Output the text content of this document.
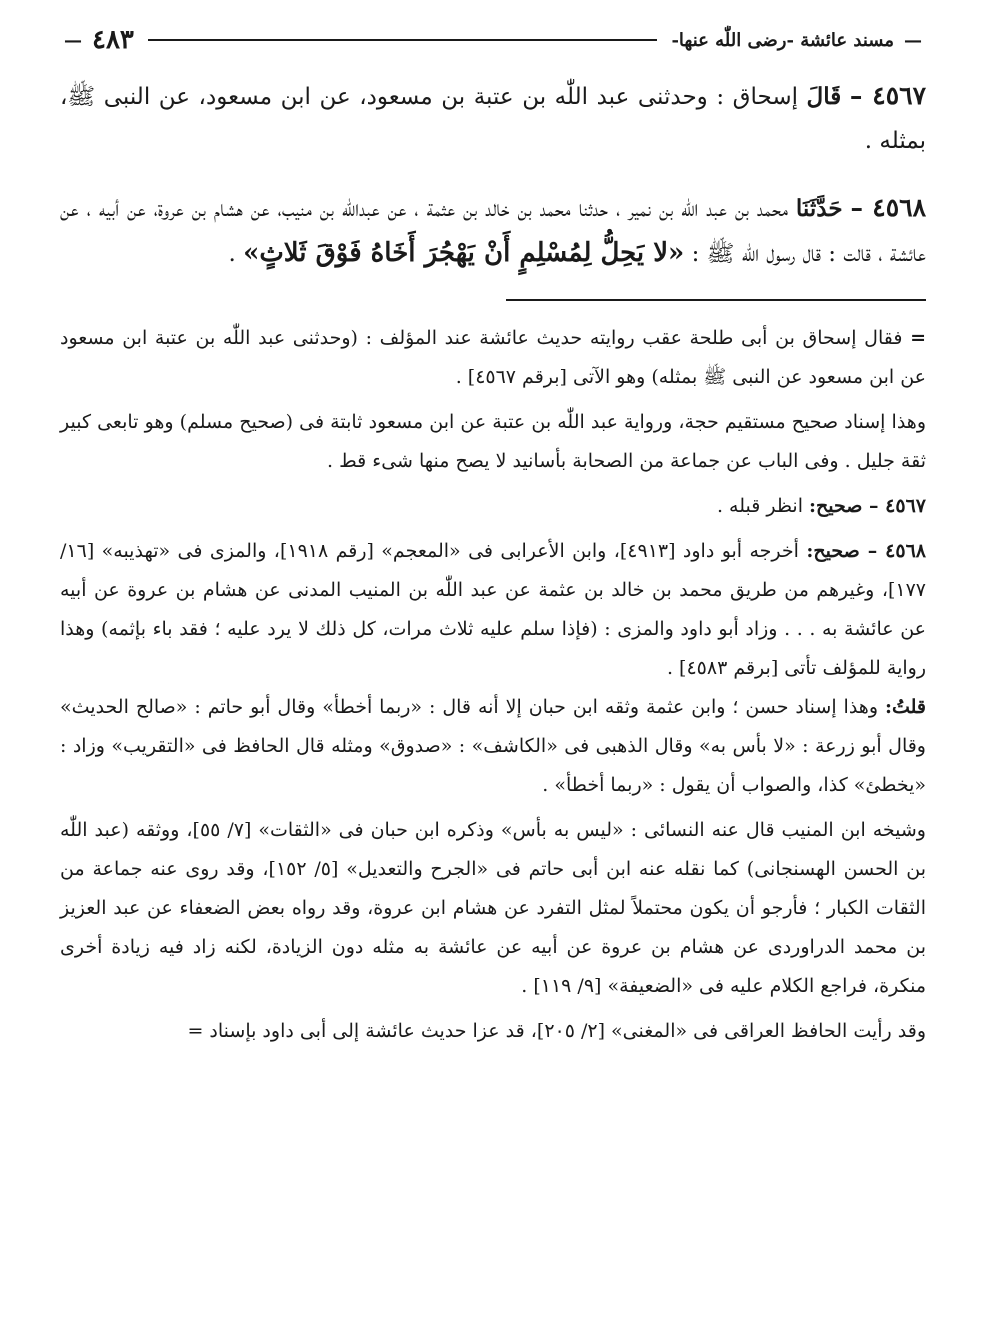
—
مسند عائشة -رضى اللّٰه عنها-
٤٨٣
—

٤٥٦٧ – قَالَ إسحاق : وحدثنى عبد اللّٰه بن عتبة بن مسعود، عن ابن مسعود، عن النبى ﷺ، بمثله .

٤٥٦٨ – حَدَّثَنَا محمد بن عبد اللّٰه بن نمير ، حدثنا محمد بن خالد بن عثمة ، عن عبداللّٰه بن منيب، عن هشام بن عروة، عن أبيه ، عن عائشة ، قالت : قال رسول اللّٰه ﷺ : «لا يَحِلُّ لِمُسْلِمٍ أَنْ يَهْجُرَ أَخَاهُ فَوْقَ ثَلاثٍ» .

= فقال إسحاق بن أبى طلحة عقب روايته حديث عائشة عند المؤلف : (وحدثنى عبد اللّٰه بن عتبة ابن مسعود عن ابن مسعود عن النبى ﷺ بمثله) وهو الآتى [برقم ٤٥٦٧] .

وهذا إسناد صحيح مستقيم حجة، ورواية عبد اللّٰه بن عتبة عن ابن مسعود ثابتة فى (صحيح مسلم) وهو تابعى كبير ثقة جليل . وفى الباب عن جماعة من الصحابة بأسانيد لا يصح منها شىء قط .

٤٥٦٧ – صحيح: انظر قبله .

٤٥٦٨ – صحيح: أخرجه أبو داود [٤٩١٣]، وابن الأعرابى فى «المعجم» [رقم ١٩١٨]، والمزى فى «تهذيبه» [١٦/ ١٧٧]، وغيرهم من طريق محمد بن خالد بن عثمة عن عبد اللّٰه بن المنيب المدنى عن هشام بن عروة عن أبيه عن عائشة به . . . وزاد أبو داود والمزى : (فإذا سلم عليه ثلاث مرات، كل ذلك لا يرد عليه ؛ فقد باء بإثمه) وهذا رواية للمؤلف تأتى [برقم ٤٥٨٣] .

قلتُ: وهذا إسناد حسن ؛ وابن عثمة وثقه ابن حبان إلا أنه قال : «ربما أخطأ» وقال أبو حاتم : «صالح الحديث» وقال أبو زرعة : «لا بأس به» وقال الذهبى فى «الكاشف» : «صدوق» ومثله قال الحافظ فى «التقريب» وزاد : «يخطئ» كذا، والصواب أن يقول : «ربما أخطأ» .

وشيخه ابن المنيب قال عنه النسائى : «ليس به بأس» وذكره ابن حبان فى «الثقات» [٧/ ٥٥]، ووثقه (عبد اللّٰه بن الحسن الهسنجانى) كما نقله عنه ابن أبى حاتم فى «الجرح والتعديل» [٥/ ١٥٢]، وقد روى عنه جماعة من الثقات الكبار ؛ فأرجو أن يكون محتملاً لمثل التفرد عن هشام ابن عروة، وقد رواه بعض الضعفاء عن عبد العزيز بن محمد الدراوردى عن هشام بن عروة عن أبيه عن عائشة به مثله دون الزيادة، لكنه زاد فيه زيادة أخرى منكرة، فراجع الكلام عليه فى «الضعيفة» [٩/ ١١٩] .

وقد رأيت الحافظ العراقى فى «المغنى» [٢/ ٢٠٥]، قد عزا حديث عائشة إلى أبى داود بإسناد =
